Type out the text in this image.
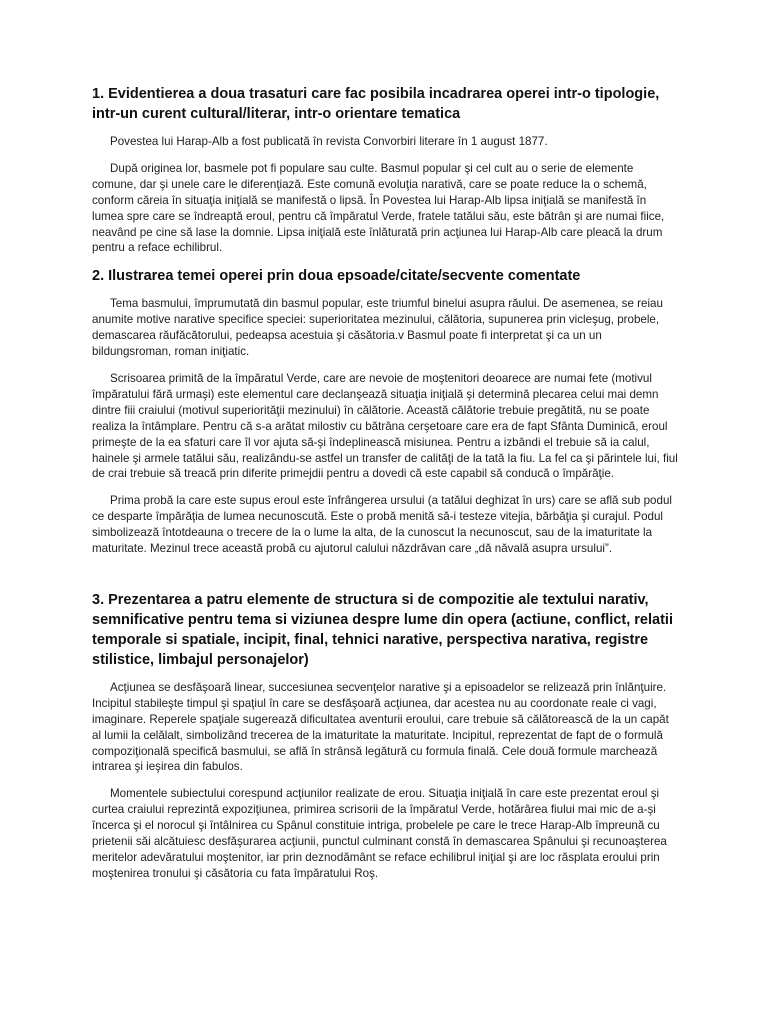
1. Evidentierea a doua trasaturi care fac posibila incadrarea operei intr-o tipologie, intr-un curent cultural/literar, intr-o orientare tematica

Povestea lui Harap-Alb a fost publicată în revista Convorbiri literare în 1 august 1877.

După originea lor, basmele pot fi populare sau culte. Basmul popular şi cel cult au o serie de elemente comune, dar şi unele care le diferenţiază. Este comună evoluţia narativă, care se poate reduce la o schemă, conform căreia în situaţia iniţială se manifestă o lipsă. În Povestea lui Harap-Alb lipsa iniţială se manifestă în lumea spre care se îndreaptă eroul, pentru că împăratul Verde, fratele tatălui său, este bătrân şi are numai fiice, neavând pe cine să lase la domnie. Lipsa iniţială este înlăturată prin acţiunea lui Harap-Alb care pleacă la drum pentru a reface echilibrul.

2. Ilustrarea temei operei prin doua epsoade/citate/secvente comentate

Tema basmului, împrumutată din basmul popular, este triumful binelui asupra răului. De asemenea, se reiau anumite motive narative specifice speciei: superioritatea mezinului, călătoria, supunerea prin vicleşug, probele, demascarea răufăcătorului, pedeapsa acestuia şi căsătoria.v Basmul poate fi interpretat şi ca un un bildungsroman, roman iniţiatic.

Scrisoarea primită de la împăratul Verde, care are nevoie de moştenitori deoarece are numai fete (motivul împăratului fără urmaşi) este elementul care declanşează situaţia iniţială şi determină plecarea celui mai demn dintre fiii craiului (motivul superiorităţii mezinului) în călătorie. Această călătorie trebuie pregătită, nu se poate realiza la întâmplare. Pentru că s-a arătat milostiv cu bătrâna cerşetoare care era de fapt Sfânta Duminică, eroul primeşte de la ea sfaturi care îl vor ajuta să-şi îndeplinească misiunea. Pentru a izbândi el trebuie să ia calul, hainele şi armele tatălui său, realizându-se astfel un transfer de calităţi de la tată la fiu. La fel ca şi părintele lui, fiul de crai trebuie să treacă prin diferite primejdii pentru a dovedi că este capabil să conducă o împărăţie.

Prima probă la care este supus eroul este înfrângerea ursului (a tatălui deghizat în urs) care se află sub podul ce desparte împărăţia de lumea necunoscută. Este o probă menită să-i testeze vitejia, bărbăţia şi curajul. Podul simbolizează întotdeauna o trecere de la o lume la alta, de la cunoscut la necunoscut, sau de la imaturitate la maturitate. Mezinul trece această probă cu ajutorul calului năzdrăvan care „dă năvală asupra ursului”.

3. Prezentarea a patru elemente de structura si de compozitie ale textului narativ, semnificative pentru tema si viziunea despre lume din opera (actiune, conflict, relatii temporale si spatiale, incipit, final, tehnici narative, perspectiva narativa, registre stilistice, limbajul personajelor)

Acţiunea se desfăşoară linear, succesiunea secvenţelor narative şi a episoadelor se relizează prin înlănţuire. Incipitul stabileşte timpul şi spaţiul în care se desfăşoară acţiunea, dar acestea nu au coordonate reale ci vagi, imaginare. Reperele spaţiale sugerează dificultatea aventurii eroului, care trebuie să călătorească de la un capăt al lumii la celălalt, simbolizând trecerea de la imaturitate la maturitate. Incipitul, reprezentat de fapt de o formulă compoziţională specifică basmului, se află în strânsă legătură cu formula finală. Cele două formule marchează intrarea şi ieşirea din fabulos.

Momentele subiectului corespund acţiunilor realizate de erou. Situaţia iniţială în care este prezentat eroul şi curtea craiului reprezintă expoziţiunea, primirea scrisorii de la împăratul Verde, hotărârea fiului mai mic de a-şi încerca şi el norocul şi întâlnirea cu Spânul constituie intriga, probelele pe care le trece Harap-Alb împreună cu prietenii săi alcătuiesc desfăşurarea acţiunii, punctul culminant constă în demascarea Spânului şi recunoaşterea meritelor adevăratului moştenitor, iar prin deznodământ se reface echilibrul iniţial şi are loc răsplata eroului prin moştenirea tronului şi căsătoria cu fata împăratului Roş.
